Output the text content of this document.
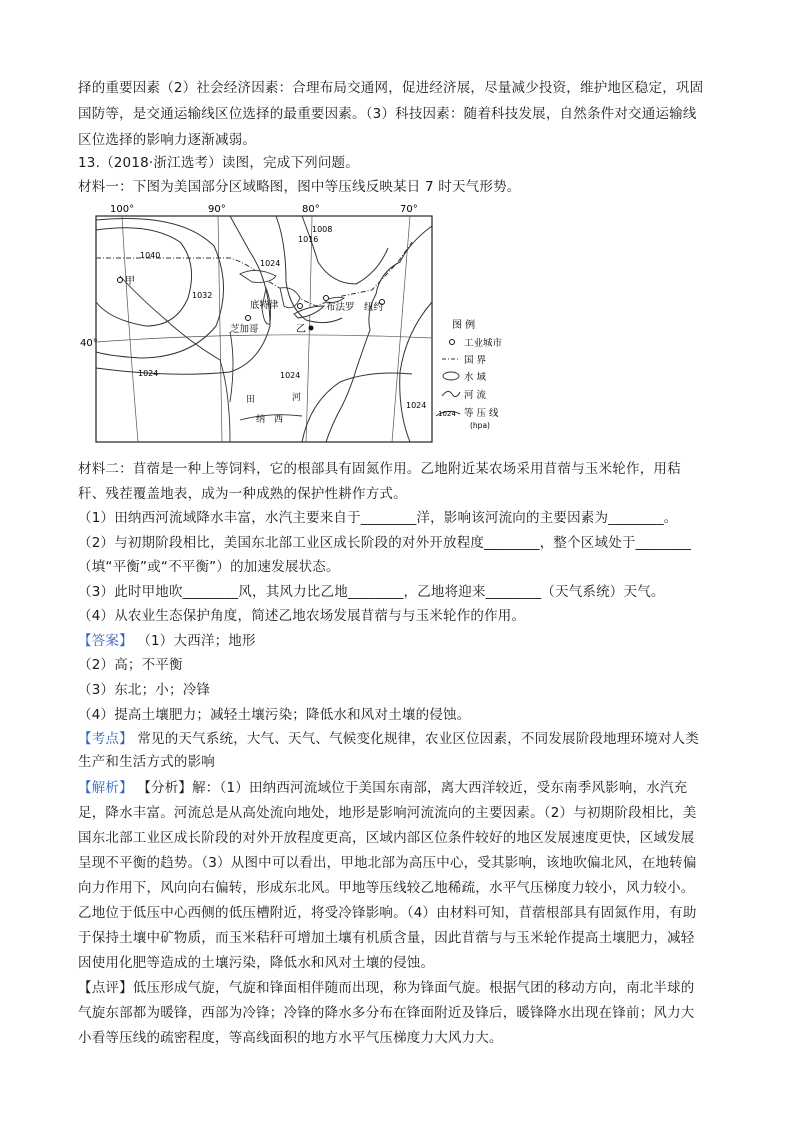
择的重要因素（2）社会经济因素：合理布局交通网，促进经济展，尽量减少投资，维护地区稳定，巩固
国防等，是交通运输线区位选择的最重要因素。（3）科技因素：随着科技发展，自然条件对交通运输线
区位选择的影响力逐渐减弱。
13.（2018·浙江选考）读图，完成下列问题。
材料一：下图为美国部分区域略图，图中等压线反映某日 7 时天气形势。
100°	90°	80°	70°
40°
1040
1032
1024
1016
1008
1024
1024
1024
甲
底特律	布法罗 纽约
芝加哥	乙
田
纳 西
河
图 例
工业城市
国 界
水 域
河 流
1024 等 压 线
(hpa)
材料二：苜蓿是一种上等饲料，它的根部具有固氮作用。乙地附近某农场采用苜蓿与玉米轮作，用秸
秆、残茬覆盖地表，成为一种成熟的保护性耕作方式。
（1）田纳西河流域降水丰富，水汽主要来自于________洋，影响该河流向的主要因素为________。
（2）与初期阶段相比，美国东北部工业区成长阶段的对外开放程度________，整个区域处于________
（填“平衡”或“不平衡”）的加速发展状态。
（3）此时甲地吹________风，其风力比乙地________，乙地将迎来________（天气系统）天气。
（4）从农业生态保护角度，简述乙地农场发展苜蓿与与玉米轮作的作用。
【答案】 （1）大西洋；地形
（2）高；不平衡
（3）东北；小；冷锋
（4）提高土壤肥力；减轻土壤污染；降低水和风对土壤的侵蚀。
【考点】 常见的天气系统，大气、天气、气候变化规律，农业区位因素，不同发展阶段地理环境对人类
生产和生活方式的影响
【解析】 【分析】解：（1）田纳西河流域位于美国东南部，离大西洋较近，受东南季风影响，水汽充
足，降水丰富。河流总是从高处流向地处，地形是影响河流流向的主要因素。（2）与初期阶段相比，美
国东北部工业区成长阶段的对外开放程度更高，区域内部区位条件较好的地区发展速度更快，区域发展
呈现不平衡的趋势。（3）从图中可以看出，甲地北部为高压中心，受其影响，该地吹偏北风，在地转偏
向力作用下，风向向右偏转，形成东北风。甲地等压线较乙地稀疏，水平气压梯度力较小，风力较小。
乙地位于低压中心西侧的低压槽附近，将受冷锋影响。（4）由材料可知，苜蓿根部具有固氮作用，有助
于保持土壤中矿物质，而玉米秸秆可增加土壤有机质含量，因此苜蓿与与玉米轮作提高土壤肥力，减轻
因使用化肥等造成的土壤污染，降低水和风对土壤的侵蚀。
【点评】低压形成气旋，气旋和锋面相伴随而出现，称为锋面气旋。根据气团的移动方向，南北半球的
气旋东部都为暖锋，西部为冷锋；冷锋的降水多分布在锋面附近及锋后，暖锋降水出现在锋前；风力大
小看等压线的疏密程度，等高线面积的地方水平气压梯度力大风力大。
